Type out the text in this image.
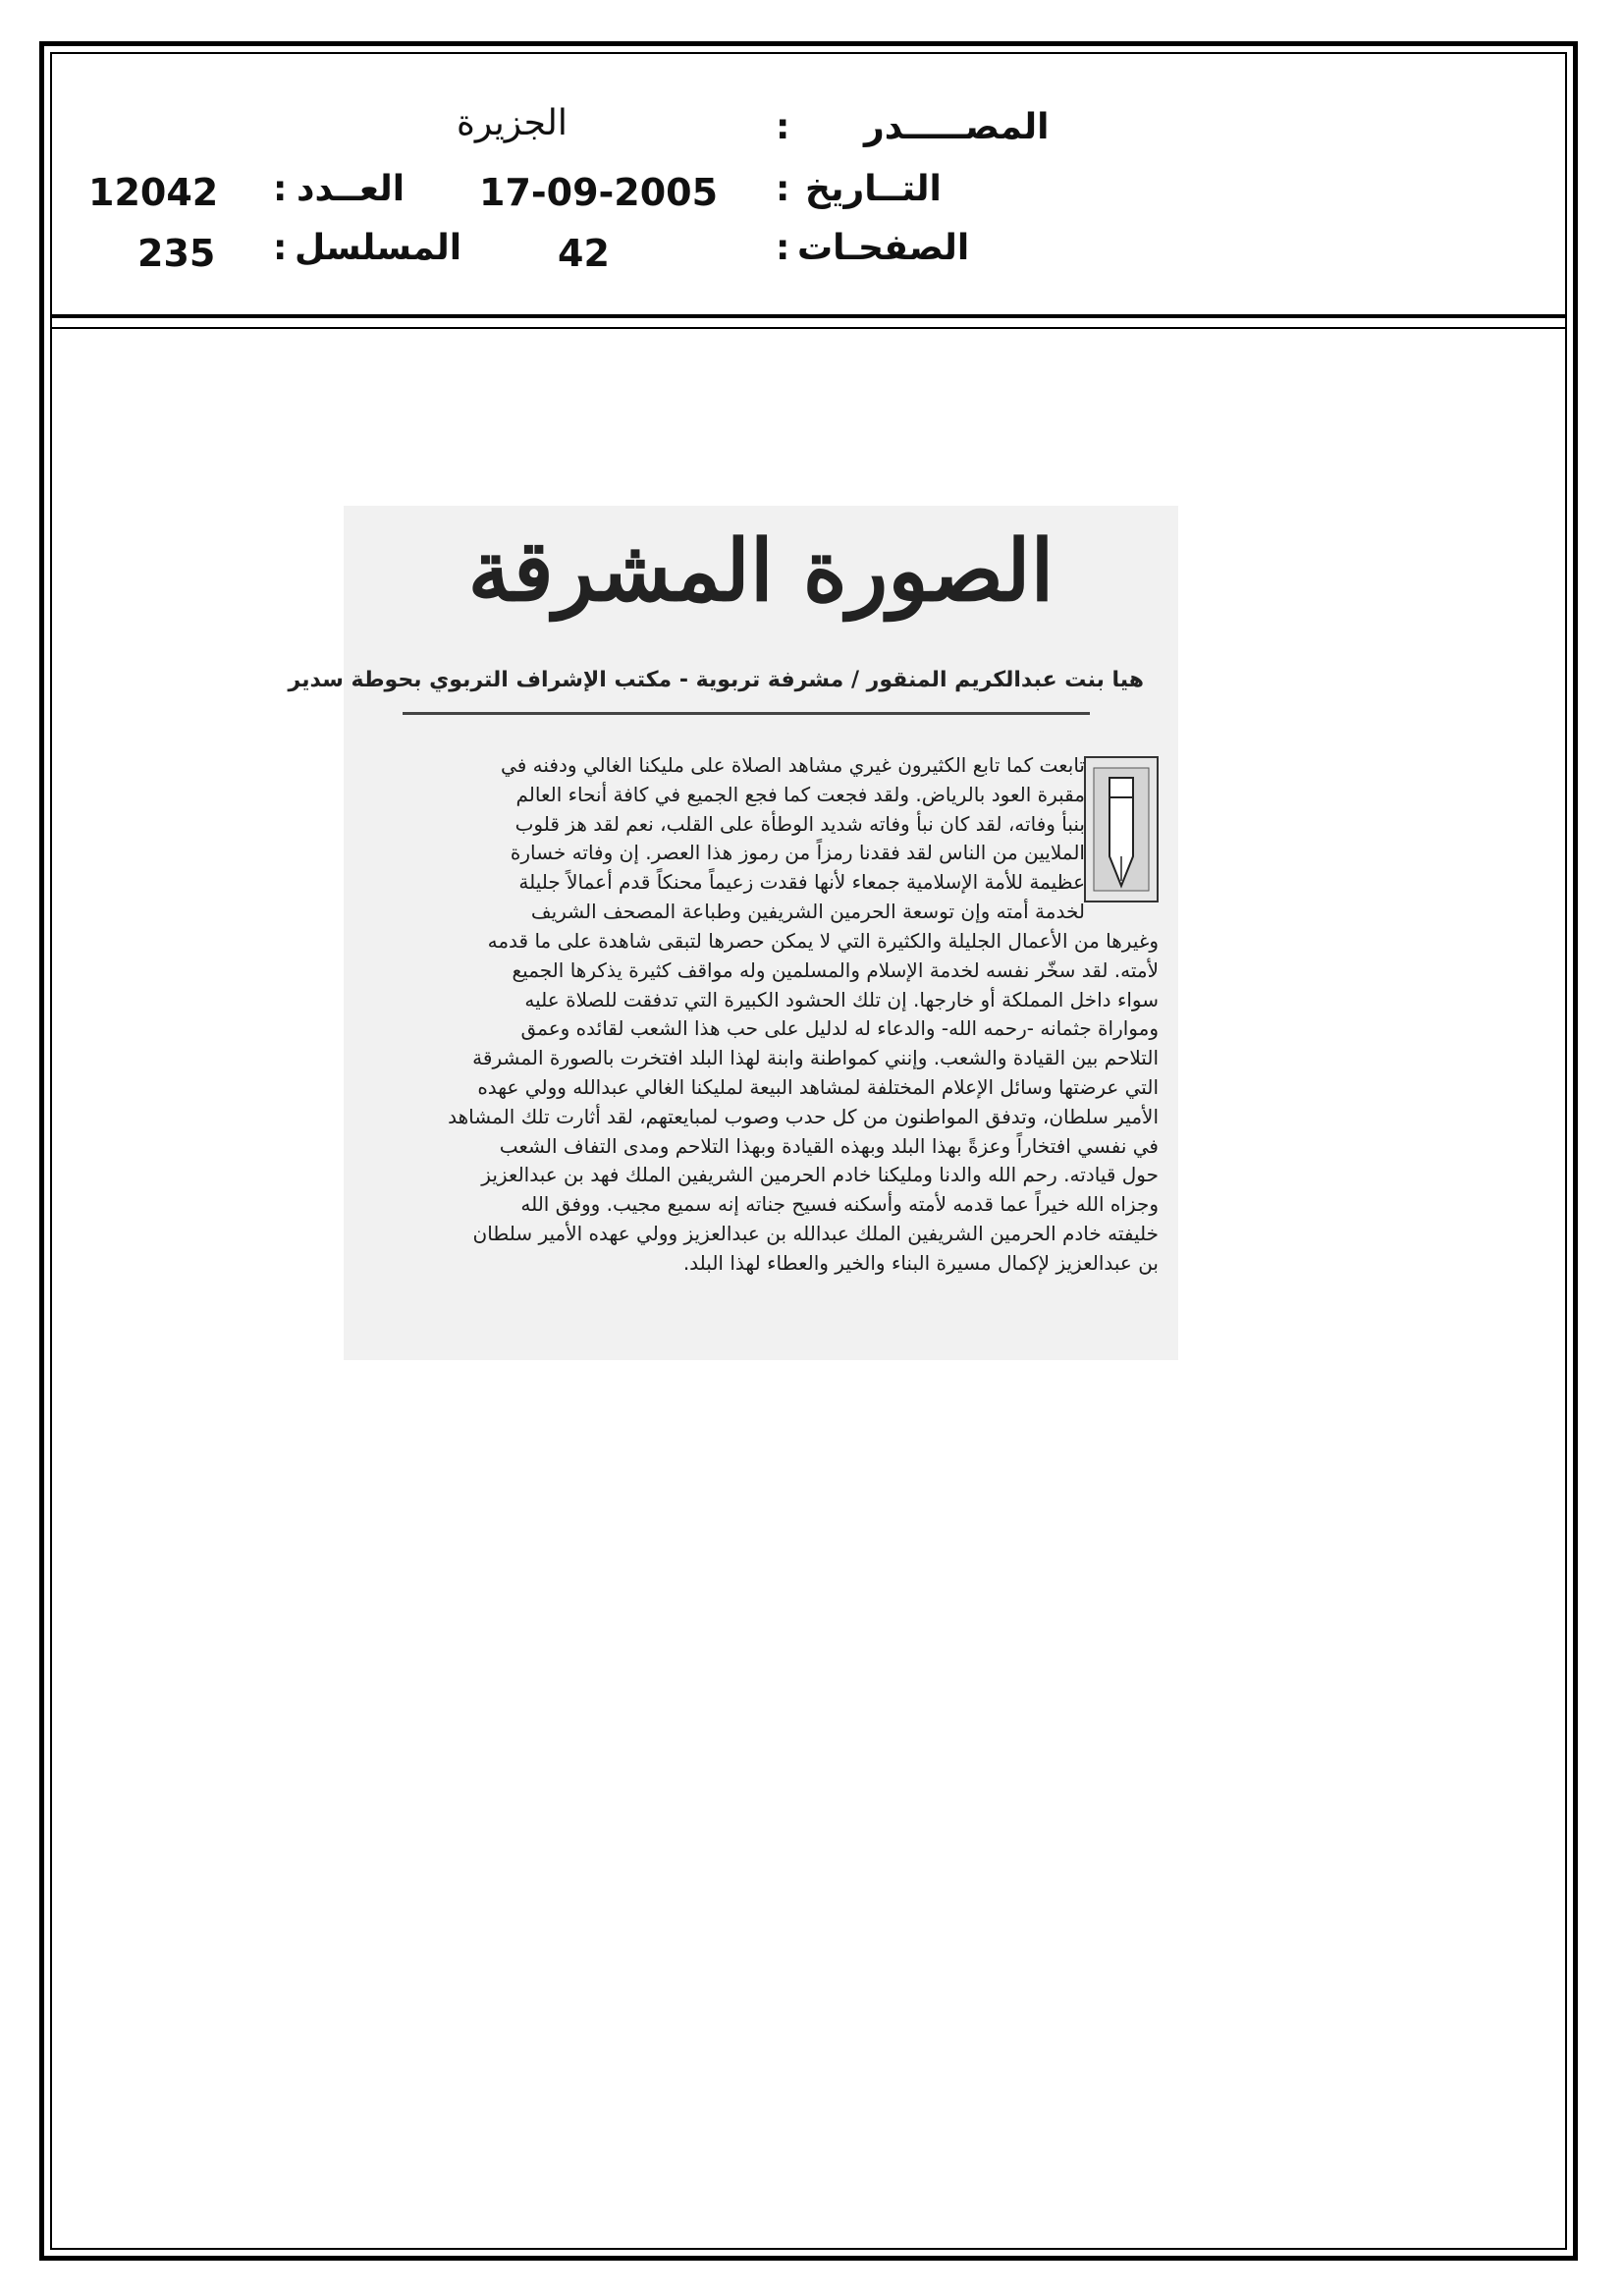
المصـــــدر
:
الجزيرة
التــاريخ
:
17-09-2005
العــدد
:
12042
الصفحـات
:
42
المسلسل
:
235
الصورة المشرقة
هيا بنت عبدالكريم المنقور / مشرفة تربوية - مكتب الإشراف التربوي بحوطة سدير
تابعت كما تابع الكثيرون غيري مشاهد الصلاة على مليكنا الغالي ودفنه في
مقبرة العود بالرياض. ولقد فجعت كما فجع الجميع في كافة أنحاء العالم
بنبأ وفاته، لقد كان نبأ وفاته شديد الوطأة على القلب، نعم لقد هز قلوب
الملايين من الناس لقد فقدنا رمزاً من رموز هذا العصر. إن وفاته خسارة
عظيمة للأمة الإسلامية جمعاء لأنها فقدت زعيماً محنكاً قدم أعمالاً جليلة
لخدمة أمته وإن توسعة الحرمين الشريفين وطباعة المصحف الشريف
وغيرها من الأعمال الجليلة والكثيرة التي لا يمكن حصرها لتبقى شاهدة على ما قدمه
لأمته. لقد سخّر نفسه لخدمة الإسلام والمسلمين وله مواقف كثيرة يذكرها الجميع
سواء داخل المملكة أو خارجها. إن تلك الحشود الكبيرة التي تدفقت للصلاة عليه
ومواراة جثمانه -رحمه الله- والدعاء له لدليل على حب هذا الشعب لقائده وعمق
التلاحم بين القيادة والشعب. وإنني كمواطنة وابنة لهذا البلد افتخرت بالصورة المشرقة
التي عرضتها وسائل الإعلام المختلفة لمشاهد البيعة لمليكنا الغالي عبدالله وولي عهده
الأمير سلطان، وتدفق المواطنون من كل حدب وصوب لمبايعتهم، لقد أثارت تلك المشاهد
في نفسي افتخاراً وعزةً بهذا البلد وبهذه القيادة وبهذا التلاحم ومدى التفاف الشعب
حول قيادته. رحم الله والدنا ومليكنا خادم الحرمين الشريفين الملك فهد بن عبدالعزيز
وجزاه الله خيراً عما قدمه لأمته وأسكنه فسيح جناته إنه سميع مجيب. ووفق الله
خليفته خادم الحرمين الشريفين الملك عبدالله بن عبدالعزيز وولي عهده الأمير سلطان
بن عبدالعزيز لإكمال مسيرة البناء والخير والعطاء لهذا البلد.
